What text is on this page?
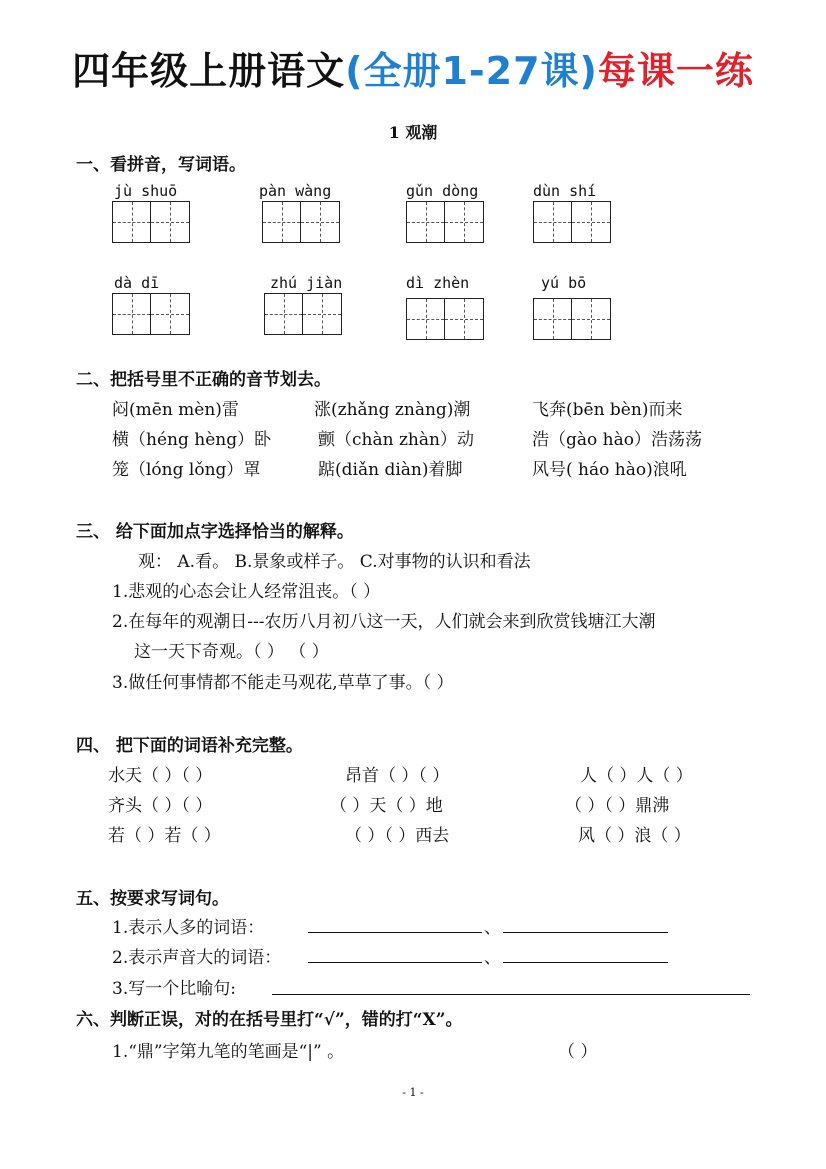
四年级上册语文(全册1-27课)每课一练
1 观潮
一、看拼音，写词语。
jù shuō	pàn wàng	gǔn dòng	dùn shí
dà dī	zhú jiàn	dì zhèn	yú bō
二、把括号里不正确的音节划去。
闷(mēn mèn)雷	涨(zhǎng znàng)潮	飞奔(bēn bèn)而来
横（héng hèng）卧	颤（chàn zhàn）动	浩（gào hào）浩荡荡
笼（lóng lǒng）罩	踮(diǎn diàn)着脚	风号( háo hào)浪吼
三、 给下面加点字选择恰当的解释。
观： A.看。 B.景象或样子。 C.对事物的认识和看法
1.悲观的心态会让人经常沮丧。（ ）
2.在每年的观潮日---农历八月初八这一天，人们就会来到欣赏钱塘江大潮
这一天下奇观。（ ） （ ）
3.做任何事情都不能走马观花,草草了事。（ ）
四、 把下面的词语补充完整。
水天（ ）（ ）	昂首（ ）（ ）	人（ ）人（ ）
齐头（ ）（ ）	（ ）天（ ）地	（ ）（ ）鼎沸
若（ ）若（ ）	（ ）（ ）西去	风（ ）浪（ ）
五、按要求写词句。
1.表示人多的词语：	、
2.表示声音大的词语：	、
3.写一个比喻句:
六、判断正误，对的在括号里打“√”，错的打“X”。
1.“鼎”字第九笔的笔画是“|” 。	（ ）
- 1 -
